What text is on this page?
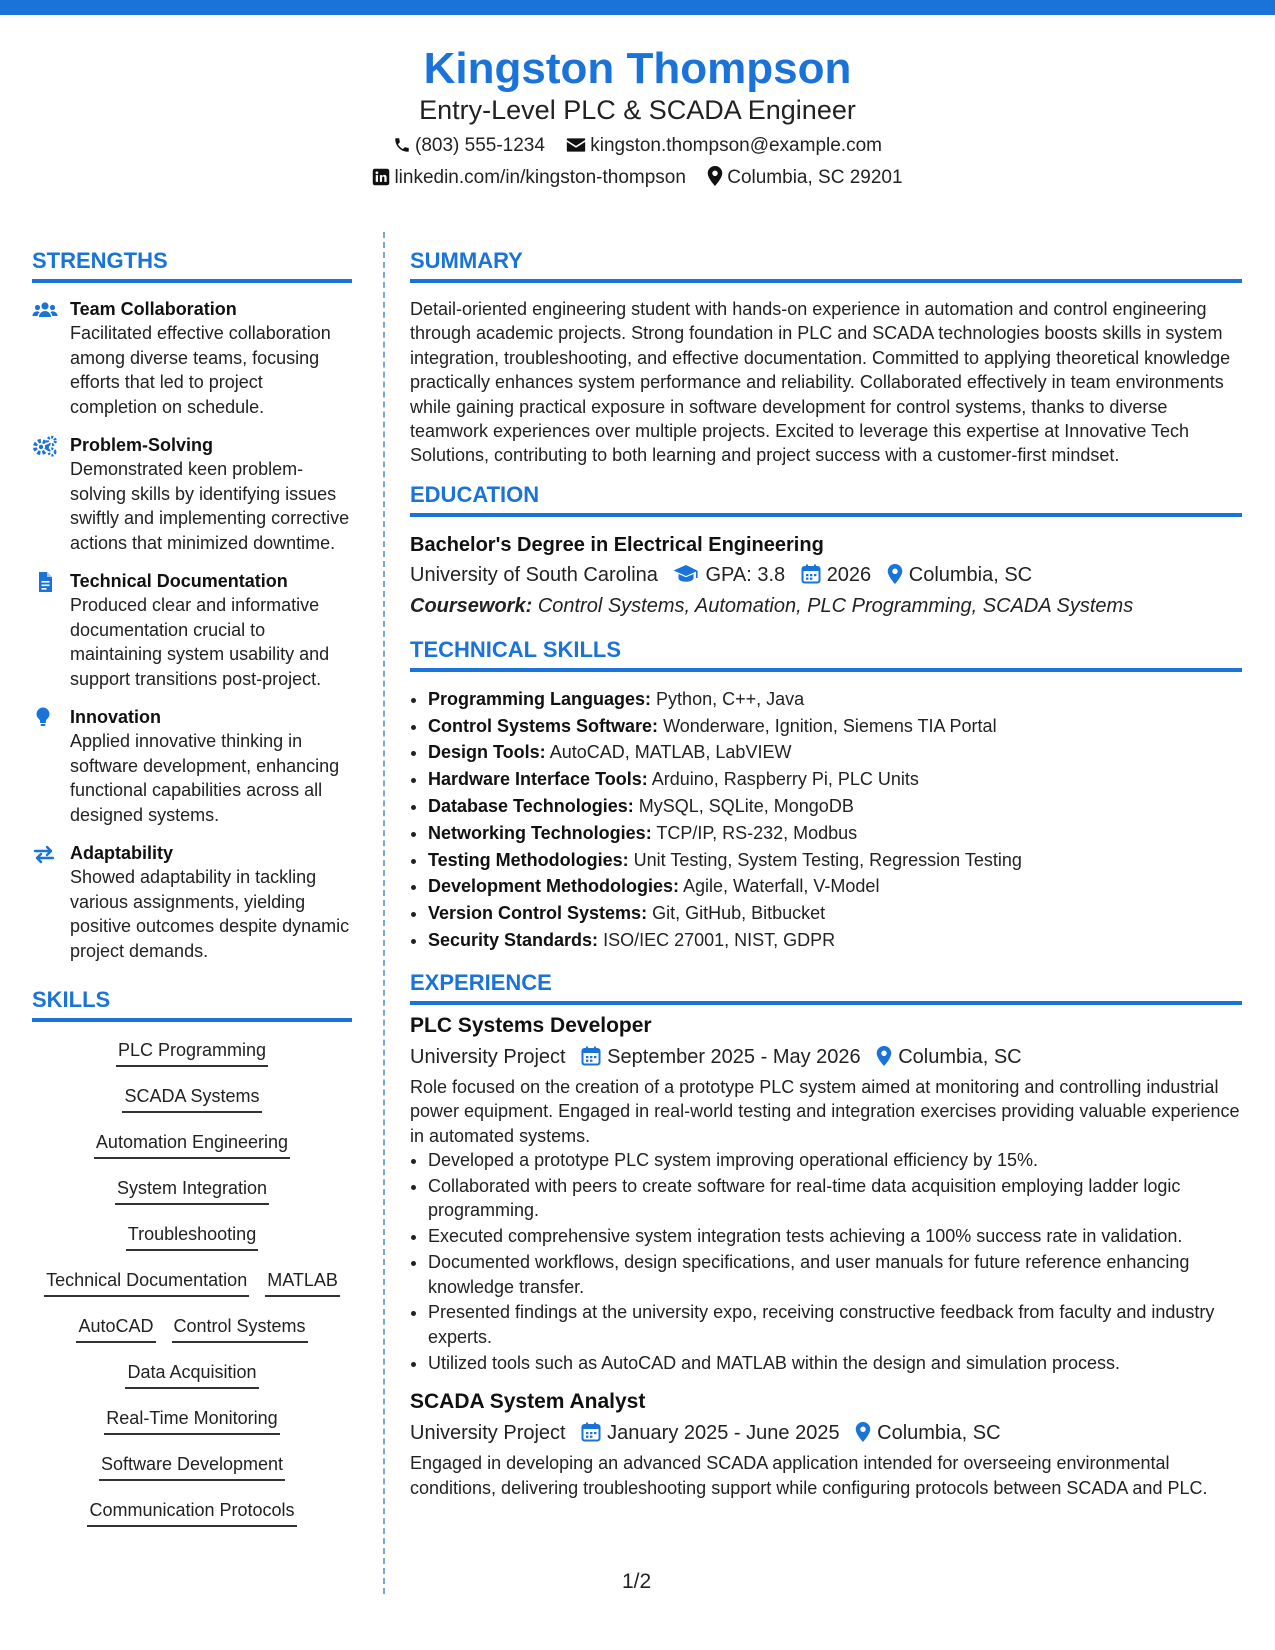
Kingston Thompson
Entry-Level PLC & SCADA Engineer
(803) 555-1234 kingston.thompson@example.com
linkedin.com/in/kingston-thompson Columbia, SC 29201
STRENGTHS
Team Collaboration
Facilitated effective collaboration among diverse teams, focusing efforts that led to project completion on schedule.
Problem-Solving
Demonstrated keen problem-solving skills by identifying issues swiftly and implementing corrective actions that minimized downtime.
Technical Documentation
Produced clear and informative documentation crucial to maintaining system usability and support transitions post-project.
Innovation
Applied innovative thinking in software development, enhancing functional capabilities across all designed systems.
Adaptability
Showed adaptability in tackling various assignments, yielding positive outcomes despite dynamic project demands.
SKILLS
PLC ProgrammingSCADA Systems
Automation Engineering
System Integration
Troubleshooting
Technical Documentation MATLAB
AutoCAD Control Systems
Data Acquisition
Real-Time Monitoring
Software Development
Communication Protocols
SUMMARY

Detail-oriented engineering student with hands-on experience in automation and control engineering through academic projects. Strong foundation in PLC and SCADA technologies boosts skills in system integration, troubleshooting, and effective documentation. Committed to applying theoretical knowledge practically enhances system performance and reliability. Collaborated effectively in team environments while gaining practical exposure in software development for control systems, thanks to diverse teamwork experiences over multiple projects. Excited to leverage this expertise at Innovative Tech Solutions, contributing to both learning and project success with a customer-first mindset.

EDUCATION
Bachelor's Degree in Electrical Engineering
University of South Carolina GPA: 3.8 2026 Columbia, SC
Coursework: Control Systems, Automation, PLC Programming, SCADA Systems
TECHNICAL SKILLS
• Programming Languages: Python, C++, Java
• Control Systems Software: Wonderware, Ignition, Siemens TIA Portal
• Design Tools: AutoCAD, MATLAB, LabVIEW
• Hardware Interface Tools: Arduino, Raspberry Pi, PLC Units
• Database Technologies: MySQL, SQLite, MongoDB
• Networking Technologies: TCP/IP, RS-232, Modbus
• Testing Methodologies: Unit Testing, System Testing, Regression Testing
• Development Methodologies: Agile, Waterfall, V-Model
• Version Control Systems: Git, GitHub, Bitbucket
• Security Standards: ISO/IEC 27001, NIST, GDPR
EXPERIENCE
PLC Systems Developer
University Project September 2025 - May 2026 Columbia, SC

Role focused on the creation of a prototype PLC system aimed at monitoring and controlling industrial power equipment. Engaged in real-world testing and integration exercises providing valuable experience in automated systems.

• Developed a prototype PLC system improving operational efficiency by 15%.
• Collaborated with peers to create software for real-time data acquisition employing ladder logic programming.
• Executed comprehensive system integration tests achieving a 100% success rate in validation.
• Documented workflows, design specifications, and user manuals for future reference enhancing knowledge transfer.
• Presented findings at the university expo, receiving constructive feedback from faculty and industry experts.
• Utilized tools such as AutoCAD and MATLAB within the design and simulation process.
SCADA System Analyst
University Project January 2025 - June 2025 Columbia, SC

Engaged in developing an advanced SCADA application intended for overseeing environmental conditions, delivering troubleshooting support while configuring protocols between SCADA and PLC.

1/2
